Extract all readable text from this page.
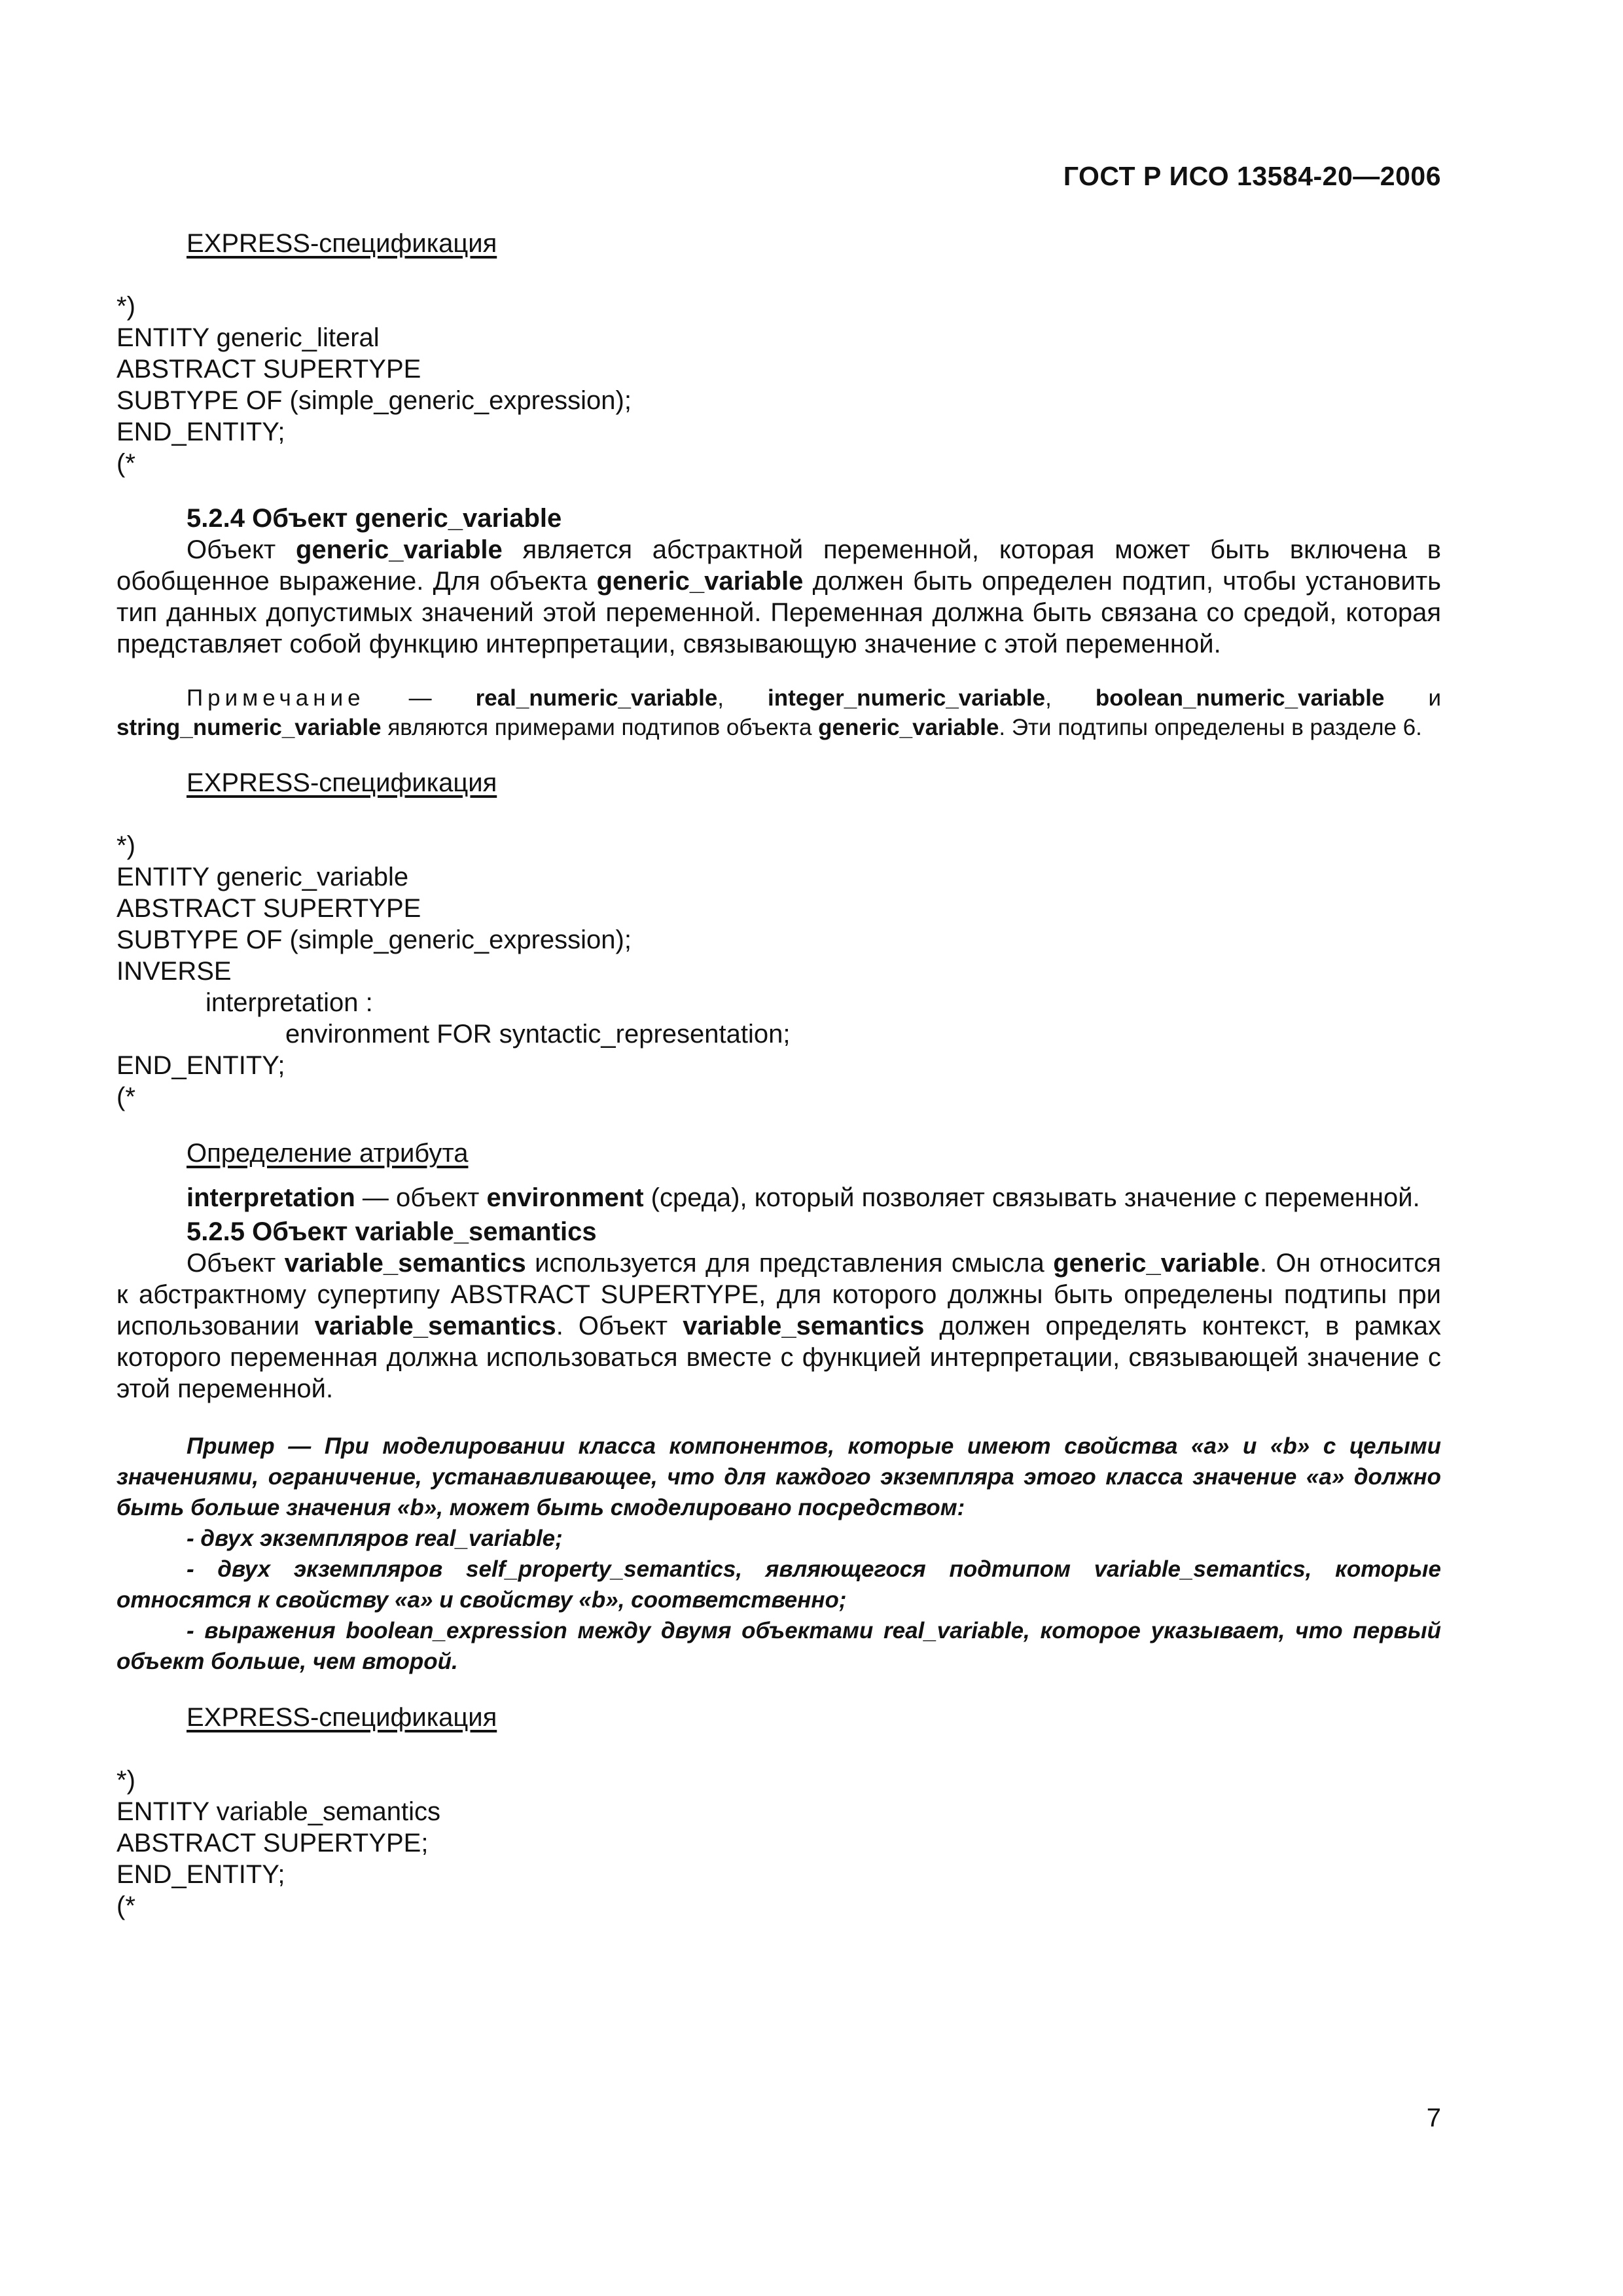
ГОСТ Р ИСО 13584-20—2006
EXPRESS-спецификация
*)
ENTITY generic_literal
ABSTRACT SUPERTYPE
SUBTYPE OF (simple_generic_expression);
END_ENTITY;
(*
5.2.4 Объект generic_variable

Объект generic_variable является абстрактной переменной, которая может быть включена в обобщенное выражение. Для объекта generic_variable должен быть определен подтип, чтобы установить тип данных допустимых значений этой переменной. Переменная должна быть связана со средой, которая представляет собой функцию интерпретации, связывающую значение с этой переменной.

Примечание — real_numeric_variable, integer_numeric_variable, boolean_numeric_variable и string_numeric_variable являются примерами подтипов объекта generic_variable. Эти подтипы определены в разделе 6.

EXPRESS-спецификация
*)
ENTITY generic_variable
ABSTRACT SUPERTYPE
SUBTYPE OF (simple_generic_expression);
INVERSE
interpretation :
environment FOR syntactic_representation;
END_ENTITY;
(*
Определение атрибута

interpretation — объект environment (среда), который позволяет связывать значение с переменной.

5.2.5 Объект variable_semantics

Объект variable_semantics используется для представления смысла generic_variable. Он относится к абстрактному супертипу ABSTRACT SUPERTYPE, для которого должны быть определены подтипы при использовании variable_semantics. Объект variable_semantics должен определять контекст, в рамках которого переменная должна использоваться вместе с функцией интерпретации, связывающей значение с этой переменной.

Пример — При моделировании класса компонентов, которые имеют свойства «a» и «b» с целыми значениями, ограничение, устанавливающее, что для каждого экземпляра этого класса значение «a» должно быть больше значения «b», может быть смоделировано посредством:

- двух экземпляров real_variable;

- двух экземпляров self_property_semantics, являющегося подтипом variable_semantics, которые относятся к свойству «a» и свойству «b», соответственно;

- выражения boolean_expression между двумя объектами real_variable, которое указывает, что первый объект больше, чем второй.

EXPRESS-спецификация
*)
ENTITY variable_semantics
ABSTRACT SUPERTYPE;
END_ENTITY;
(*
7
